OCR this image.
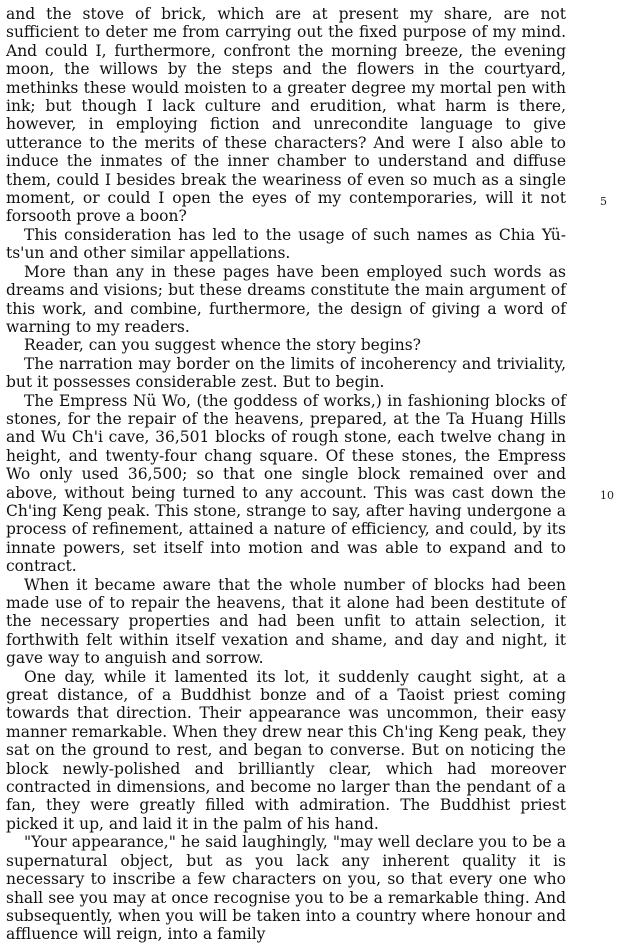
and the stove of brick, which are at present my share, are not sufficient to deter me from carrying out the fixed purpose of my mind. And could I, furthermore, confront the morning breeze, the evening moon, the willows by the steps and the flowers in the courtyard, methinks these would moisten to a greater degree my mortal pen with ink; but though I lack culture and erudition, what harm is there, however, in employing fiction and unrecondite language to give utterance to the merits of these characters? And were I also able to induce the inmates of the inner chamber to understand and diffuse them, could I besides break the weariness of even so much as a single moment, or could I open the eyes of my contemporaries, will it not forsooth prove a boon?

This consideration has led to the usage of such names as Chia Yü-ts'un and other similar appellations.

More than any in these pages have been employed such words as dreams and visions; but these dreams constitute the main argument of this work, and combine, furthermore, the design of giving a word of warning to my readers.

Reader, can you suggest whence the story begins?

The narration may border on the limits of incoherency and triviality, but it possesses considerable zest. But to begin.

The Empress Nü Wo, (the goddess of works,) in fashioning blocks of stones, for the repair of the heavens, prepared, at the Ta Huang Hills and Wu Ch'i cave, 36,501 blocks of rough stone, each twelve chang in height, and twenty-four chang square. Of these stones, the Empress Wo only used 36,500; so that one single block remained over and above, without being turned to any account. This was cast down the Ch'ing Keng peak. This stone, strange to say, after having undergone a process of refinement, attained a nature of efficiency, and could, by its innate powers, set itself into motion and was able to expand and to contract.

When it became aware that the whole number of blocks had been made use of to repair the heavens, that it alone had been destitute of the necessary properties and had been unfit to attain selection, it forthwith felt within itself vexation and shame, and day and night, it gave way to anguish and sorrow.

One day, while it lamented its lot, it suddenly caught sight, at a great distance, of a Buddhist bonze and of a Taoist priest coming towards that direction. Their appearance was uncommon, their easy manner remarkable. When they drew near this Ch'ing Keng peak, they sat on the ground to rest, and began to converse. But on noticing the block newly-polished and brilliantly clear, which had moreover contracted in dimensions, and become no larger than the pendant of a fan, they were greatly filled with admiration. The Buddhist priest picked it up, and laid it in the palm of his hand.

"Your appearance," he said laughingly, "may well declare you to be a supernatural object, but as you lack any inherent quality it is necessary to inscribe a few characters on you, so that every one who shall see you may at once recognise you to be a remarkable thing. And subsequently, when you will be taken into a country where honour and affluence will reign, into a family

5
10
